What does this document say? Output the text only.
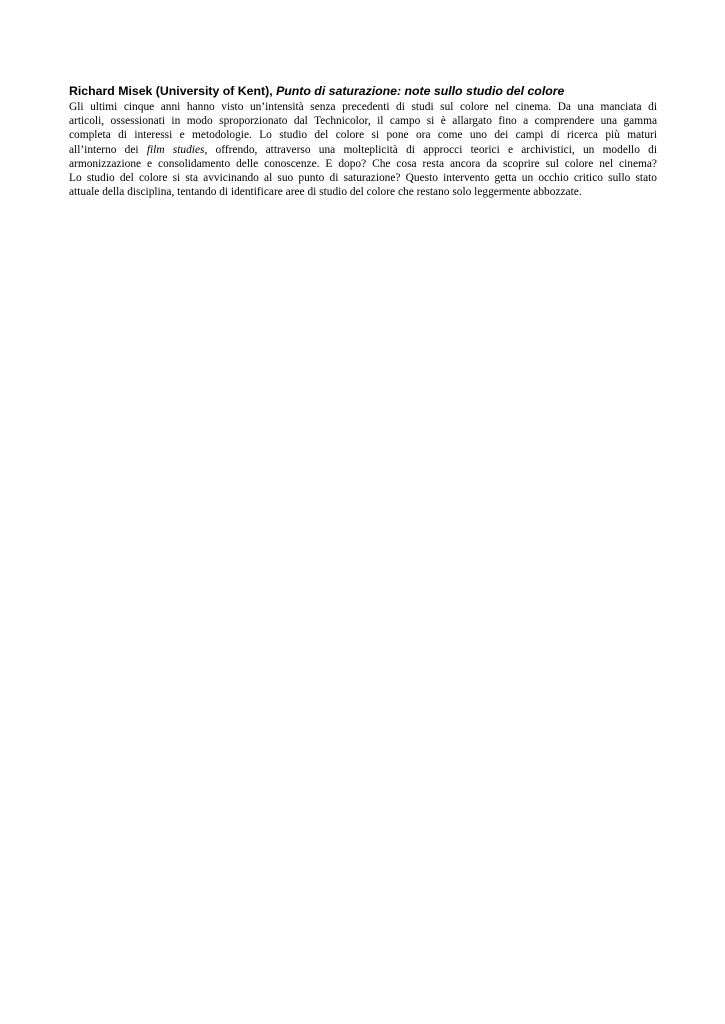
Richard Misek (University of Kent), Punto di saturazione: note sullo studio del colore

Gli ultimi cinque anni hanno visto un’intensità senza precedenti di studi sul colore nel cinema. Da una manciata di
articoli, ossessionati in modo sproporzionato dal Technicolor, il campo si è allargato fino a comprendere una gamma
completa di interessi e metodologie. Lo studio del colore si pone ora come uno dei campi di ricerca più maturi
all’interno dei film studies, offrendo, attraverso una molteplicità di approcci teorici e archivistici, un modello di
armonizzazione e consolidamento delle conoscenze. E dopo? Che cosa resta ancora da scoprire sul colore nel cinema?
Lo studio del colore si sta avvicinando al suo punto di saturazione? Questo intervento getta un occhio critico sullo stato
attuale della disciplina, tentando di identificare aree di studio del colore che restano solo leggermente abbozzate.
